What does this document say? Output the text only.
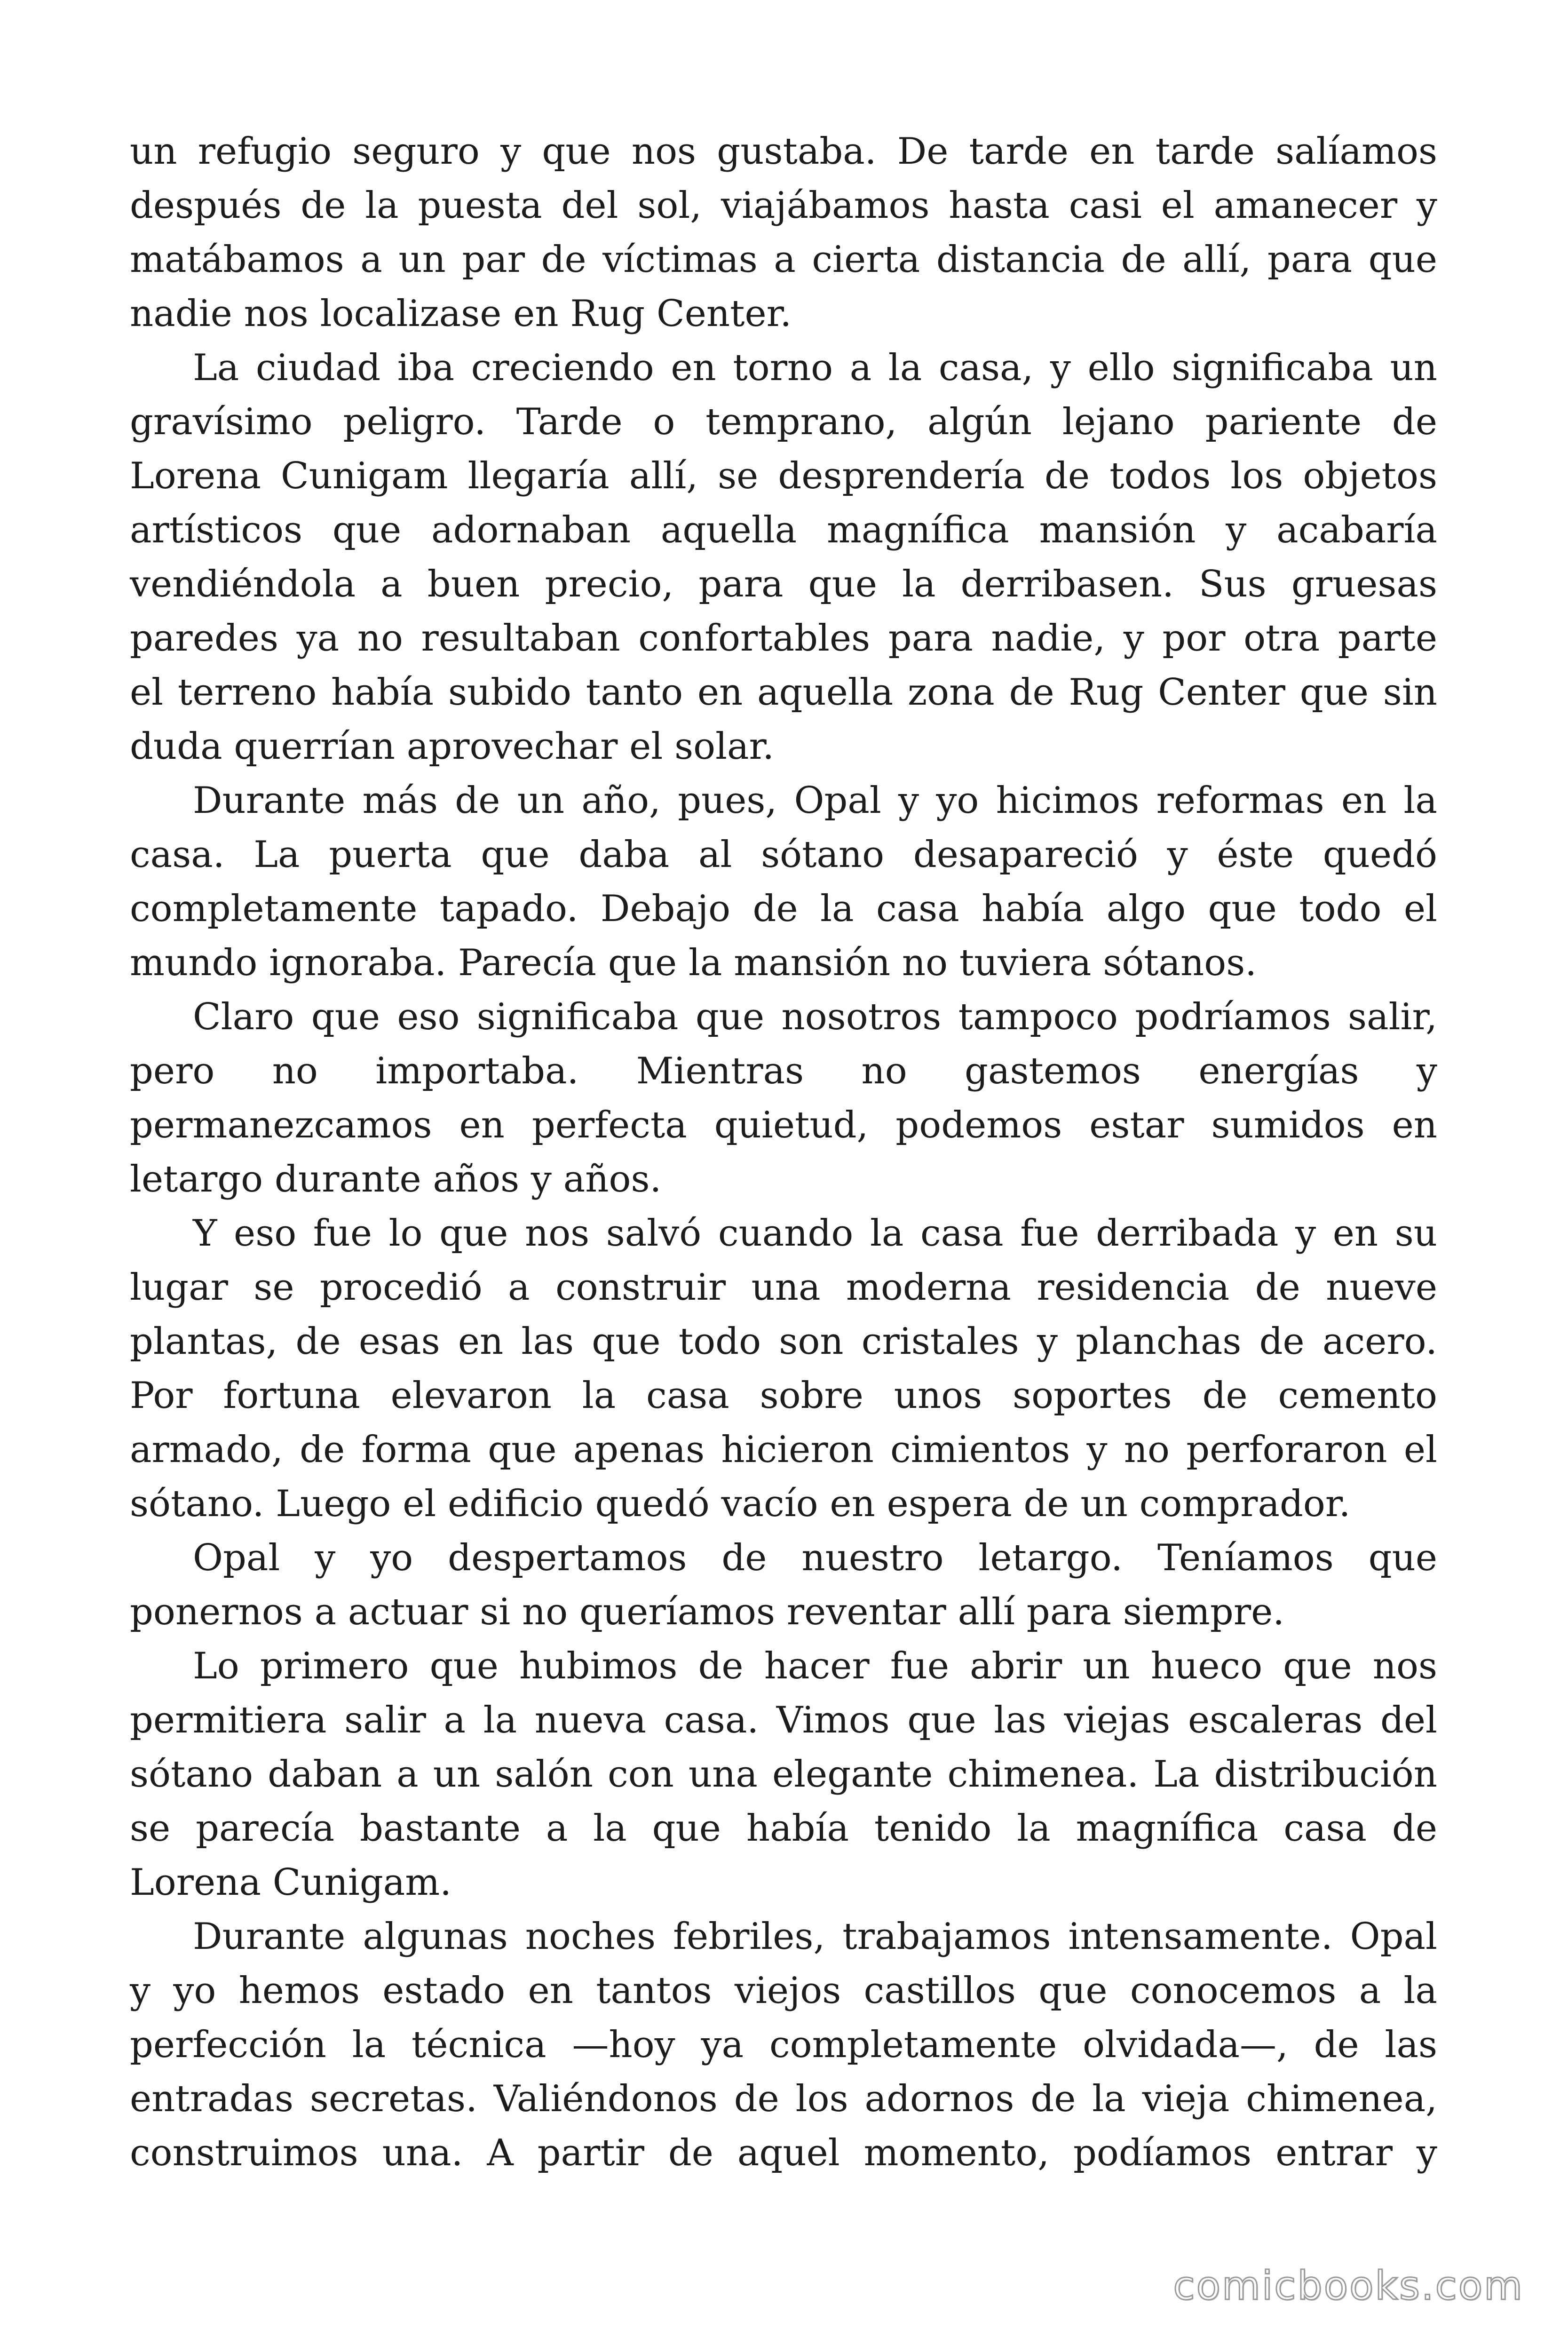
un refugio seguro y que nos gustaba. De tarde en tarde salíamos
después de la puesta del sol, viajábamos hasta casi el amanecer y
matábamos a un par de víctimas a cierta distancia de allí, para que
nadie nos localizase en Rug Center.
La ciudad iba creciendo en torno a la casa, y ello significaba un
gravísimo peligro. Tarde o temprano, algún lejano pariente de
Lorena Cunigam llegaría allí, se desprendería de todos los objetos
artísticos que adornaban aquella magnífica mansión y acabaría
vendiéndola a buen precio, para que la derribasen. Sus gruesas
paredes ya no resultaban confortables para nadie, y por otra parte
el terreno había subido tanto en aquella zona de Rug Center que sin
duda querrían aprovechar el solar.
Durante más de un año, pues, Opal y yo hicimos reformas en la
casa. La puerta que daba al sótano desapareció y éste quedó
completamente tapado. Debajo de la casa había algo que todo el
mundo ignoraba. Parecía que la mansión no tuviera sótanos.
Claro que eso significaba que nosotros tampoco podríamos salir,
pero no importaba. Mientras no gastemos energías y
permanezcamos en perfecta quietud, podemos estar sumidos en
letargo durante años y años.
Y eso fue lo que nos salvó cuando la casa fue derribada y en su
lugar se procedió a construir una moderna residencia de nueve
plantas, de esas en las que todo son cristales y planchas de acero.
Por fortuna elevaron la casa sobre unos soportes de cemento
armado, de forma que apenas hicieron cimientos y no perforaron el
sótano. Luego el edificio quedó vacío en espera de un comprador.
Opal y yo despertamos de nuestro letargo. Teníamos que
ponernos a actuar si no queríamos reventar allí para siempre.
Lo primero que hubimos de hacer fue abrir un hueco que nos
permitiera salir a la nueva casa. Vimos que las viejas escaleras del
sótano daban a un salón con una elegante chimenea. La distribución
se parecía bastante a la que había tenido la magnífica casa de
Lorena Cunigam.
Durante algunas noches febriles, trabajamos intensamente. Opal
y yo hemos estado en tantos viejos castillos que conocemos a la
perfección la técnica —hoy ya completamente olvidada—, de las
entradas secretas. Valiéndonos de los adornos de la vieja chimenea,
construimos una. A partir de aquel momento, podíamos entrar y
comicbooks.com
